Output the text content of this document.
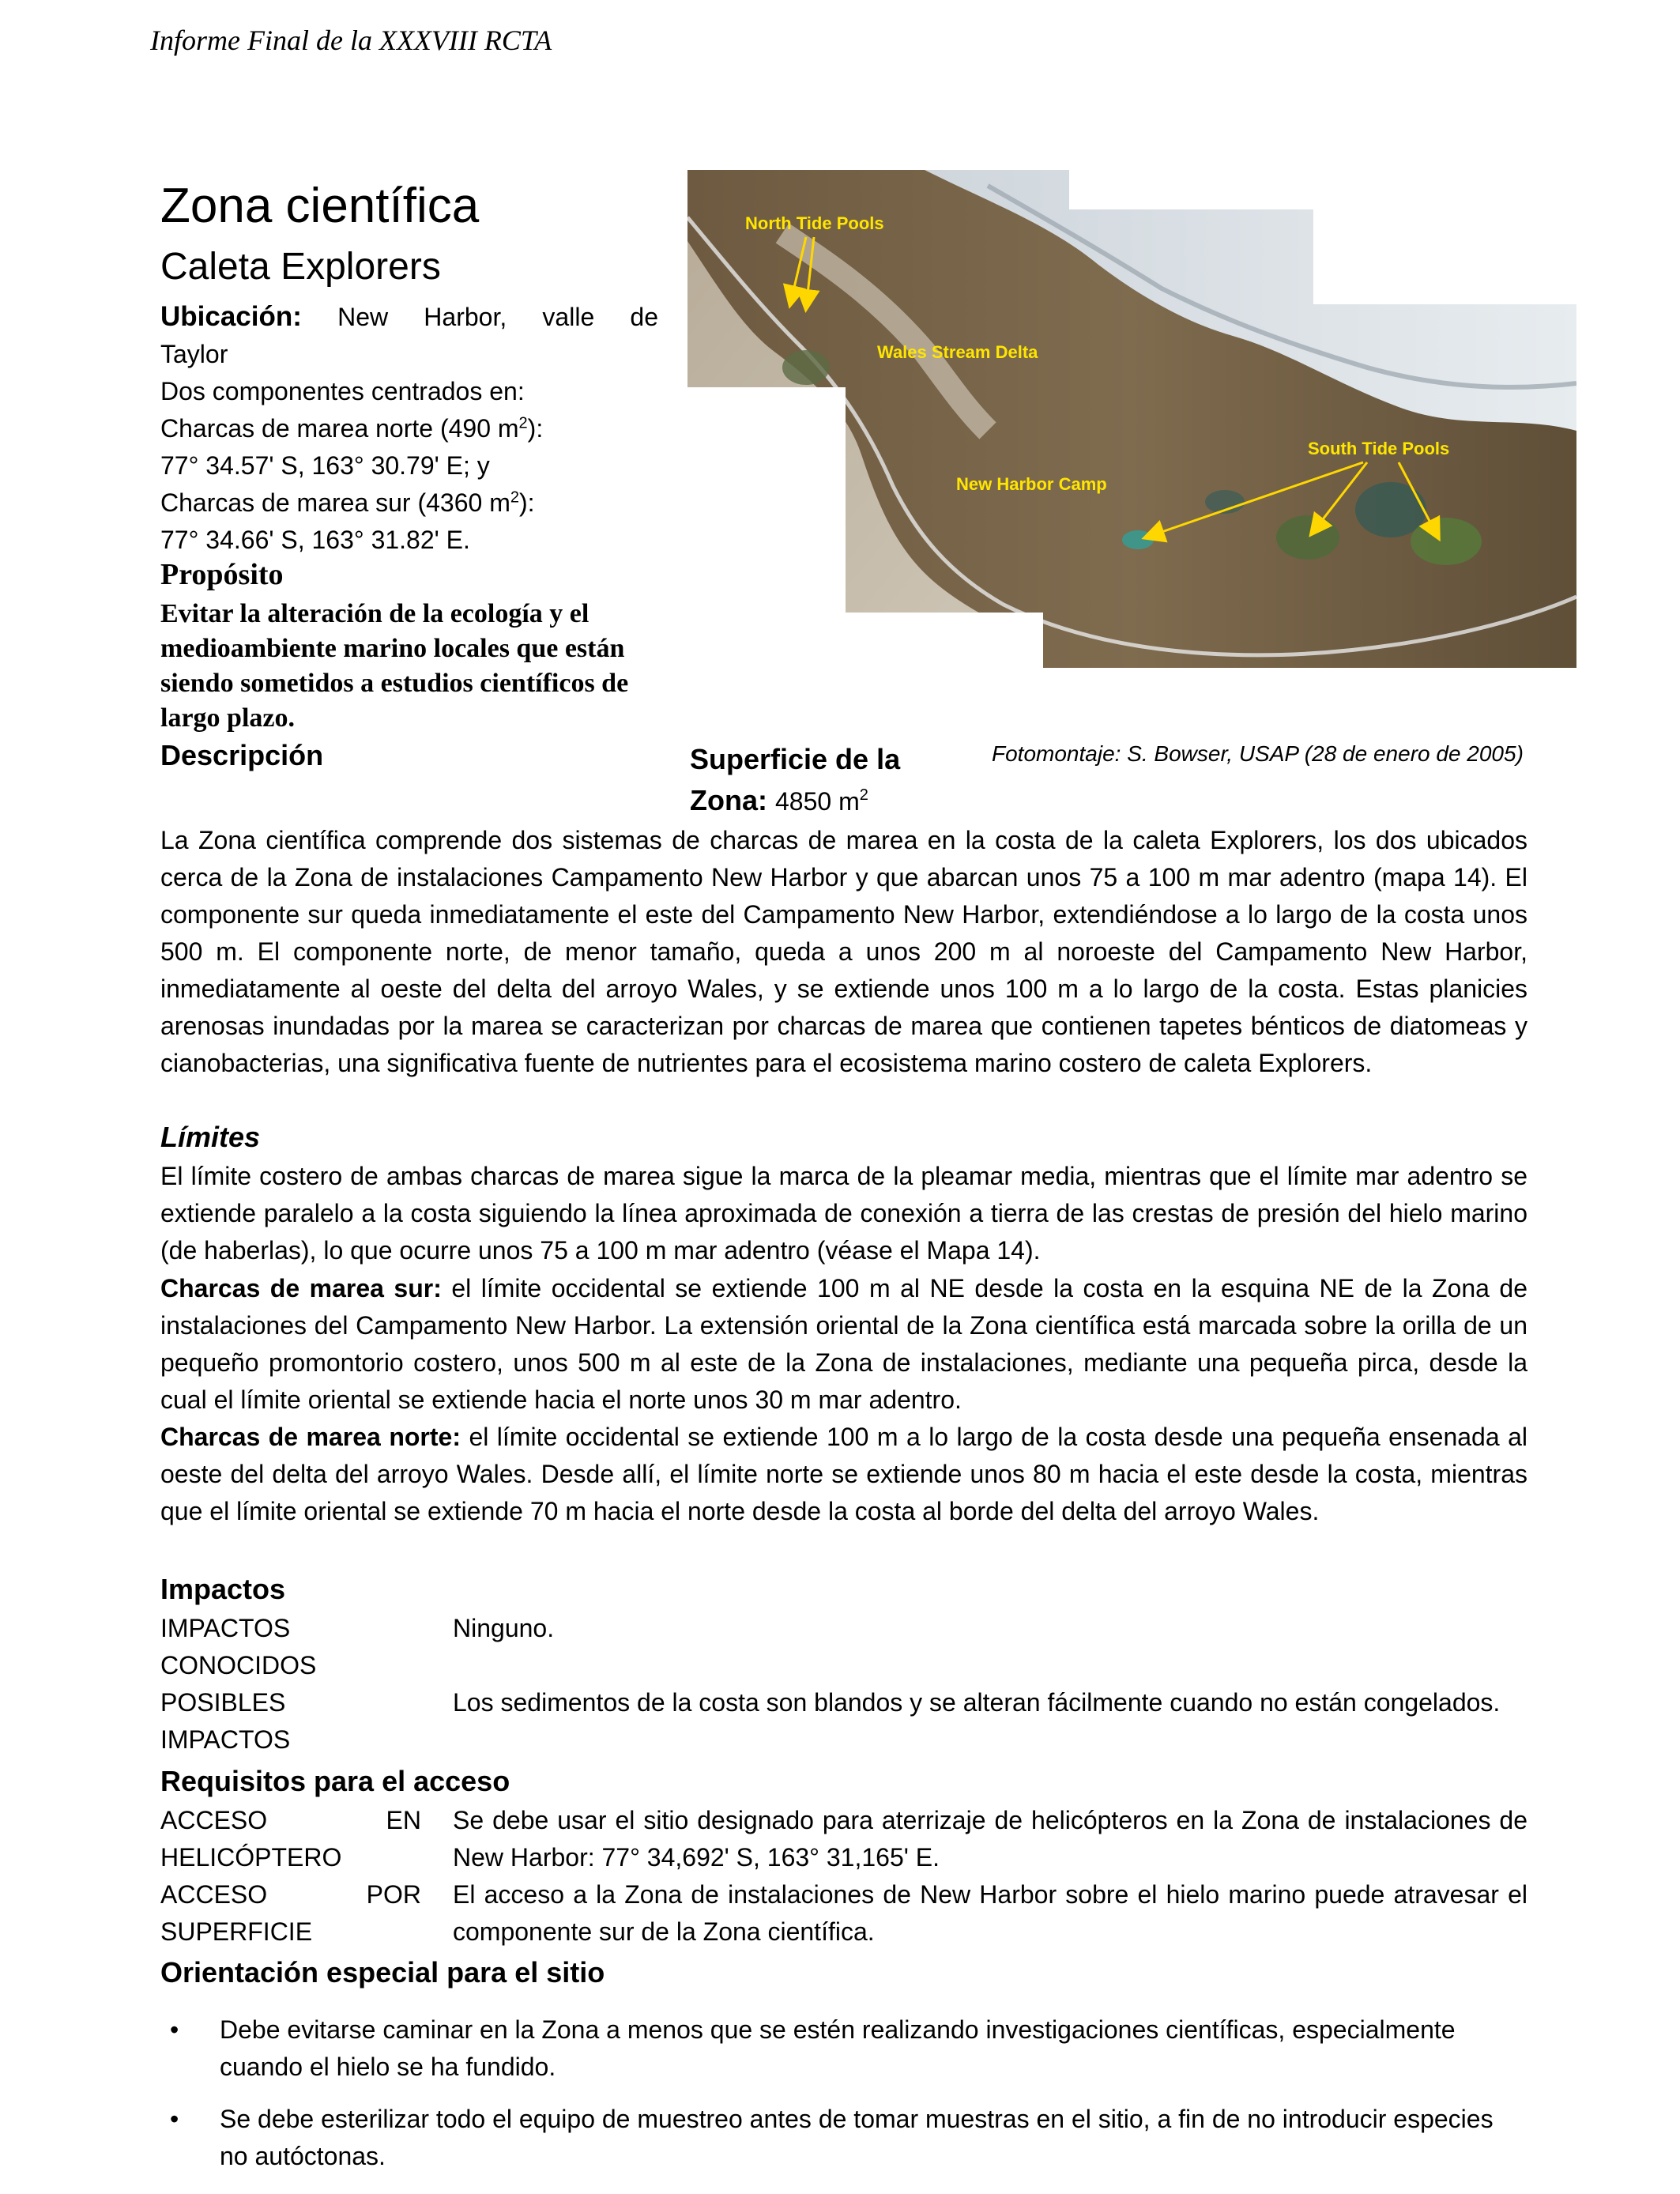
Informe Final de la XXXVIII RCTA
Zona científica
Caleta Explorers
Ubicación: New Harbor, valle de
Taylor
Dos componentes centrados en:
Charcas de marea norte (490 $m^2$):
77° 34.57' S, 163° 30.79' E; y
Charcas de marea sur (4360 $m^2$):
77° 34.66' S, 163° 31.82' E.
Propósito
Evitar la alteración de la ecología y el medioambiente marino locales que están siendo sometidos a estudios científicos de largo plazo.
Descripción	Superficie de la
Zona: 4850 $m^2$
North Tide Pools
Wales Stream Delta
South Tide Pools
New Harbor Camp
Fotomontaje: S. Bowser, USAP (28 de enero de 2005)
La Zona científica comprende dos sistemas de charcas de marea en la costa de la caleta Explorers, los dos ubicados cerca de la Zona de instalaciones Campamento New Harbor y que abarcan unos 75 a 100 m mar adentro (mapa 14). El componente sur queda inmediatamente el este del Campamento New Harbor, extendiéndose a lo largo de la costa unos 500 m. El componente norte, de menor tamaño, queda a unos 200 m al noroeste del Campamento New Harbor, inmediatamente al oeste del delta del arroyo Wales, y se extiende unos 100 m a lo largo de la costa. Estas planicies arenosas inundadas por la marea se caracterizan por charcas de marea que contienen tapetes bénticos de diatomeas y cianobacterias, una significativa fuente de nutrientes para el ecosistema marino costero de caleta Explorers.
Límites
El límite costero de ambas charcas de marea sigue la marca de la pleamar media, mientras que el límite mar adentro se extiende paralelo a la costa siguiendo la línea aproximada de conexión a tierra de las crestas de presión del hielo marino (de haberlas), lo que ocurre unos 75 a 100 m mar adentro (véase el Mapa 14).
Charcas de marea sur: el límite occidental se extiende 100 m al NE desde la costa en la esquina NE de la Zona de instalaciones del Campamento New Harbor. La extensión oriental de la Zona científica está marcada sobre la orilla de un pequeño promontorio costero, unos 500 m al este de la Zona de instalaciones, mediante una pequeña pirca, desde la cual el límite oriental se extiende hacia el norte unos 30 m mar adentro.
Charcas de marea norte: el límite occidental se extiende 100 m a lo largo de la costa desde una pequeña ensenada al oeste del delta del arroyo Wales. Desde allí, el límite norte se extiende unos 80 m hacia el este desde la costa, mientras que el límite oriental se extiende 70 m hacia el norte desde la costa al borde del delta del arroyo Wales.
Impactos
IMPACTOS
CONOCIDOS
Ninguno.
POSIBLES IMPACTOS
Los sedimentos de la costa son blandos y se alteran fácilmente cuando no están congelados.
Requisitos para el acceso
ACCESO	EN
HELICÓPTERO
Se debe usar el sitio designado para aterrizaje de helicópteros en la Zona de instalaciones de New Harbor: 77° 34,692' S, 163° 31,165' E.
ACCESO	POR
SUPERFICIE
El acceso a la Zona de instalaciones de New Harbor sobre el hielo marino puede atravesar el componente sur de la Zona científica.
Orientación especial para el sitio
• Debe evitarse caminar en la Zona a menos que se estén realizando investigaciones científicas, especialmente cuando el hielo se ha fundido.
• Se debe esterilizar todo el equipo de muestreo antes de tomar muestras en el sitio, a fin de no introducir especies no autóctonas.
